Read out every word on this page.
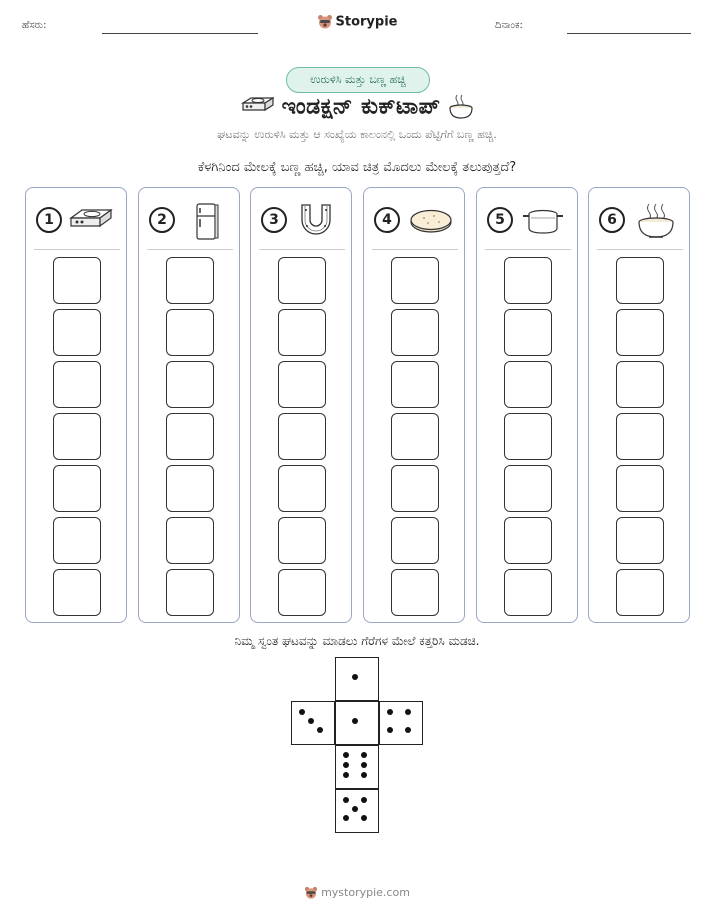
ಹೆಸರು:	Storypie	ದಿನಾಂಕ:
ಉರುಳಿಸಿ ಮತ್ತು ಬಣ್ಣ ಹಚ್ಚಿ
ಇಂಡಕ್ಷನ್ ಕುಕ್‌ಟಾಪ್
ಘಟವನ್ನು ಉರುಳಿಸಿ ಮತ್ತು ಆ ಸಂಖ್ಯೆಯ ಕಾಲಂನಲ್ಲಿ ಒಂದು ಪೆಟ್ಟಿಗೆಗೆ ಬಣ್ಣ ಹಚ್ಚಿ.
ಕೆಳಗಿನಿಂದ ಮೇಲಕ್ಕೆ ಬಣ್ಣ ಹಚ್ಚಿ, ಯಾವ ಚಿತ್ರ ಮೊದಲು ಮೇಲಕ್ಕೆ ತಲುಪುತ್ತದೆ?
1	2	3	4	5	6
ನಿಮ್ಮ ಸ್ವಂತ ಘಟವನ್ನು ಮಾಡಲು ಗೆರೆಗಳ ಮೇಲೆ ಕತ್ತರಿಸಿ ಮಡಚಿ.
mystorypie.com
